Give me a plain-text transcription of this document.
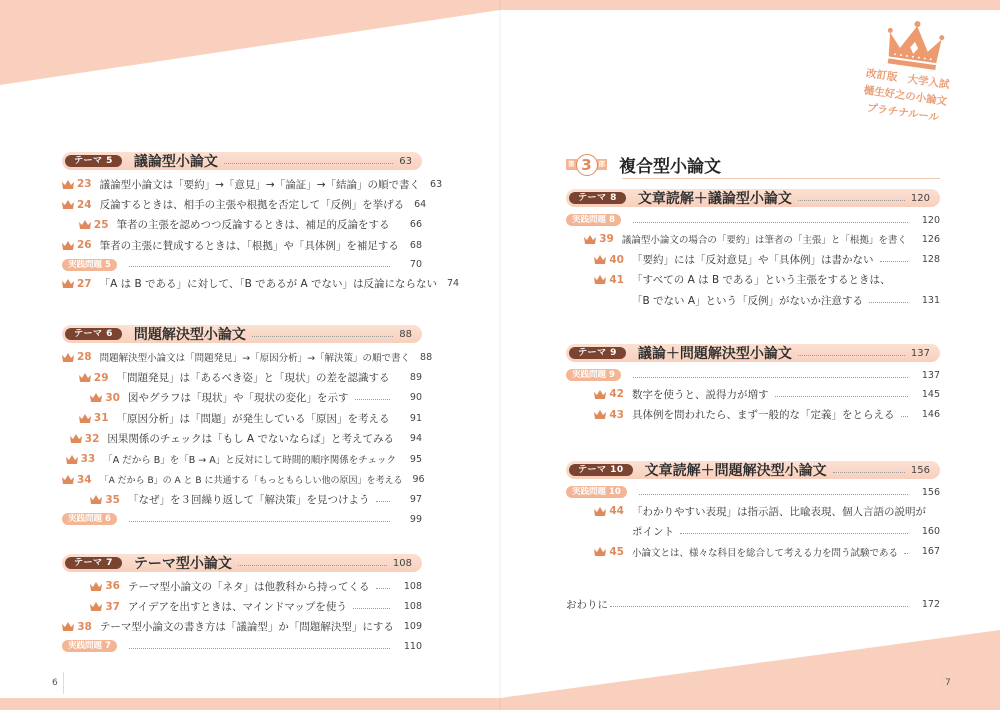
改訂版　大学入試
樋生好之の小論文
プラチナルール
テーマ 5	議論型小論文	63
23 議論型小論文は「要約」→「意見」→「論証」→「結論」の順で書く 63
24 反論するときは、相手の主張や根拠を否定して「反例」を挙げる 64
25 筆者の主張を認めつつ反論するときは、補足的反論をする	66
26 筆者の主張に賛成するときは、「根拠」や「具体例」を補足する 68
実践問題 5	70
27 「A は B である」に対して、「B であるが A でない」は反論にならない 74
テーマ 6	問題解決型小論文	88
28 問題解決型小論文は「問題発見」→「原因分析」→「解決策」の順で書く 88
29 「問題発見」は「あるべき姿」と「現状」の差を認識する	89
30 図やグラフは「現状」や「現状の変化」を示す	90
31 「原因分析」は「問題」が発生している「原因」を考える	91
32 因果関係のチェックは「もし A でないならば」と考えてみる	94
33 「A だから B」を「B → A」と反対にして時間的順序関係をチェック	95
34 「A だから B」の A と B に共通する「もっともらしい他の原因」を考える 96
35 「なぜ」を３回繰り返して「解決策」を見つけよう	97
実践問題 6	99
テーマ 7	テーマ型小論文	108
36 テーマ型小論文の「ネタ」は他教科から持ってくる	108
37 アイデアを出すときは、マインドマップを使う	108
38 テーマ型小論文の書き方は「議論型」か「問題解決型」にする 109
実践問題 7	110
第 3	部 複合型小論文
テーマ 8	文章読解＋議論型小論文	120
実践問題 8	120
39 議論型小論文の場合の「要約」は筆者の「主張」と「根拠」を書く	126
40 「要約」には「反対意見」や「具体例」は書かない	128
41 「すべての A は B である」という主張をするときは、
「B でない A」という「反例」がないか注意する	131
テーマ 9	議論＋問題解決型小論文	137
実践問題 9	137
42 数字を使うと、説得力が増す	145
43 具体例を問われたら、まず一般的な「定義」をとらえる	146
テーマ 10	文章読解＋問題解決型小論文	156
実践問題 10	156
44 「わかりやすい表現」は指示語、比喩表現、個人言語の説明が
ポイント	160
45 小論文とは、様々な科目を総合して考える力を問う試験である	167
おわりに	172
6	7
